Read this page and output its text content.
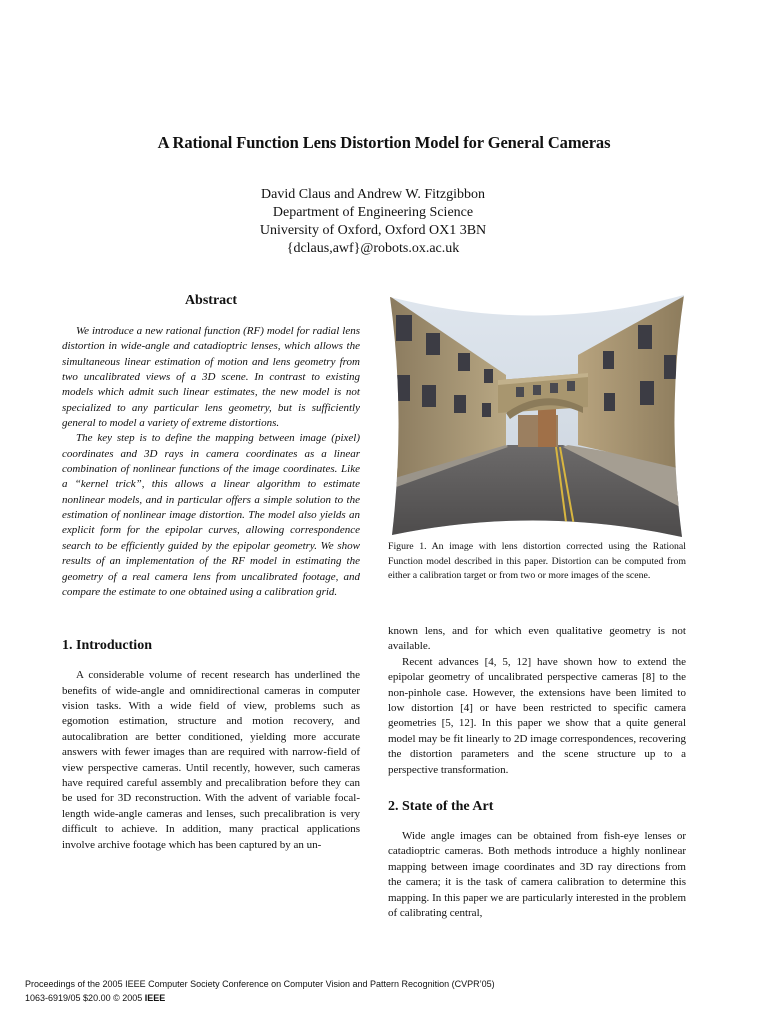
A Rational Function Lens Distortion Model for General Cameras
David Claus and Andrew W. Fitzgibbon
Department of Engineering Science
University of Oxford, Oxford OX1 3BN
{dclaus,awf}@robots.ox.ac.uk
Abstract

We introduce a new rational function (RF) model for radial lens distortion in wide-angle and catadioptric lenses, which allows the simultaneous linear estimation of motion and lens geometry from two uncalibrated views of a 3D scene. In contrast to existing models which admit such linear estimates, the new model is not specialized to any particular lens geometry, but is sufficiently general to model a variety of extreme distortions.

The key step is to define the mapping between image (pixel) coordinates and 3D rays in camera coordinates as a linear combination of nonlinear functions of the image coordinates. Like a “kernel trick”, this allows a linear algorithm to estimate nonlinear models, and in particular offers a simple solution to the estimation of nonlinear image distortion. The model also yields an explicit form for the epipolar curves, allowing correspondence search to be efficiently guided by the epipolar geometry. We show results of an implementation of the RF model in estimating the geometry of a real camera lens from uncalibrated footage, and compare the estimate to one obtained using a calibration grid.

1. Introduction

A considerable volume of recent research has underlined the benefits of wide-angle and omnidirectional cameras in computer vision tasks. With a wide field of view, problems such as egomotion estimation, structure and motion recovery, and autocalibration are better conditioned, yielding more accurate answers with fewer images than are required with narrow-field of view perspective cameras. Until recently, however, such cameras have required careful assembly and precalibration before they can be used for 3D reconstruction. With the advent of variable focal-length wide-angle cameras and lenses, such precalibration is very difficult to achieve. In addition, many practical applications involve archive footage which has been captured by an un-

Figure 1. An image with lens distortion corrected using the Rational Function model described in this paper. Distortion can be computed from either a calibration target or from two or more images of the scene.

known lens, and for which even qualitative geometry is not available.

Recent advances [4, 5, 12] have shown how to extend the epipolar geometry of uncalibrated perspective cameras [8] to the non-pinhole case. However, the extensions have been limited to low distortion [4] or have been restricted to specific camera geometries [5, 12]. In this paper we show that a quite general model may be fit linearly to 2D image correspondences, recovering the distortion parameters and the scene structure up to a perspective transformation.

2. State of the Art

Wide angle images can be obtained from fish-eye lenses or catadioptric cameras. Both methods introduce a highly nonlinear mapping between image coordinates and 3D ray directions from the camera; it is the task of camera calibration to determine this mapping. In this paper we are particularly interested in the problem of calibrating central,

Proceedings of the 2005 IEEE Computer Society Conference on Computer Vision and Pattern Recognition (CVPR’05)
1063-6919/05 $20.00 © 2005 IEEE
